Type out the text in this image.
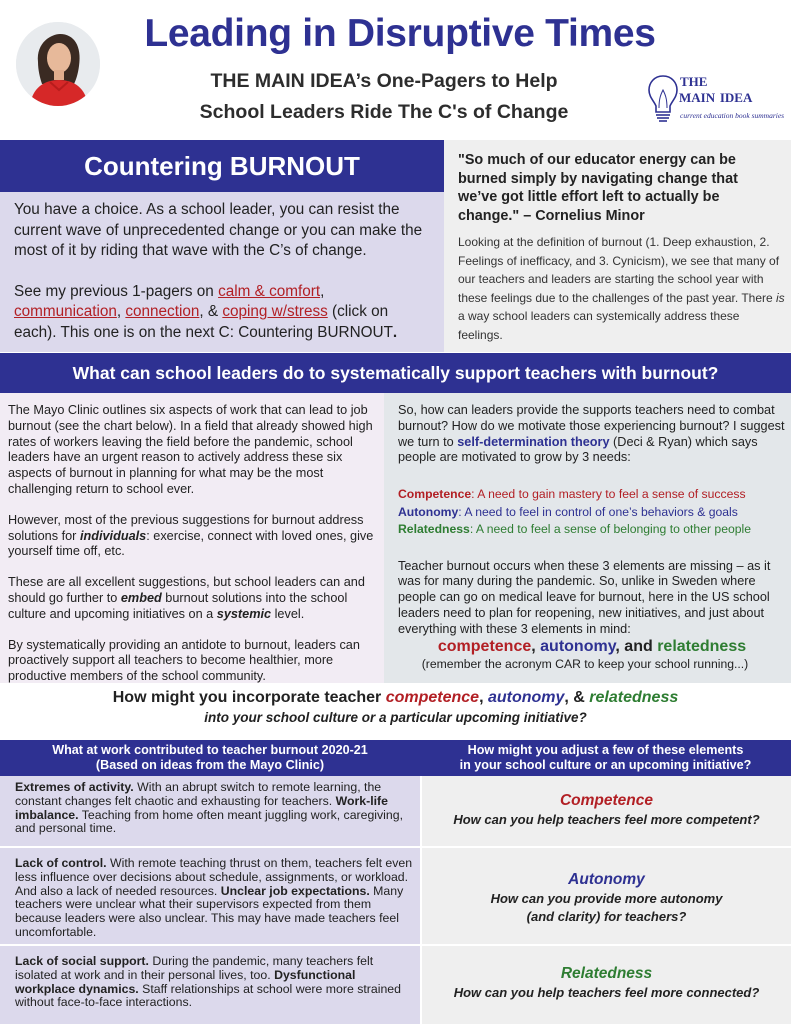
Leading in Disruptive Times
THE MAIN IDEA’s One-Pagers to Help
School Leaders Ride The C's of Change
THE
MAIN IDEA
current education book summaries
Countering BURNOUT

You have a choice. As a school leader, you can resist the current wave of unprecedented change or you can make the most of it by riding that wave with the C’s of change.

See my previous 1-pagers on calm & comfort, communication, connection, & coping w/stress (click on each). This one is on the next C: Countering BURNOUT.

"So much of our educator energy can be burned simply by navigating change that we’ve got little effort left to actually be change." – Cornelius Minor
Looking at the definition of burnout (1. Deep exhaustion, 2. Feelings of inefficacy, and 3. Cynicism), we see that many of our teachers and leaders are starting the school year with these feelings due to the challenges of the past year. There is a way school leaders can systemically address these feelings.
What can school leaders do to systematically support teachers with burnout?

The Mayo Clinic outlines six aspects of work that can lead to job burnout (see the chart below). In a field that already showed high rates of workers leaving the field before the pandemic, school leaders have an urgent reason to actively address these six aspects of burnout in planning for what may be the most challenging return to school ever.

However, most of the previous suggestions for burnout address solutions for individuals: exercise, connect with loved ones, give yourself time off, etc.

These are all excellent suggestions, but school leaders can and should go further to embed burnout solutions into the school culture and upcoming initiatives on a systemic level.

By systematically providing an antidote to burnout, leaders can proactively support all teachers to become healthier, more productive members of the school community.

So, how can leaders provide the supports teachers need to combat burnout? How do we motivate those experiencing burnout? I suggest we turn to self-determination theory (Deci & Ryan) which says people are motivated to grow by 3 needs:

Competence: A need to gain mastery to feel a sense of success
Autonomy: A need to feel in control of one’s behaviors & goals
Relatedness: A need to feel a sense of belonging to other people

Teacher burnout occurs when these 3 elements are missing – as it was for many during the pandemic. So, unlike in Sweden where people can go on medical leave for burnout, here in the US school leaders need to plan for reopening, new initiatives, and just about everything with these 3 elements in mind:

competence, autonomy, and relatedness
(remember the acronym CAR to keep your school running...)
How might you incorporate teacher competence, autonomy, & relatedness
into your school culture or a particular upcoming initiative?
What at work contributed to teacher burnout 2020-21
(Based on ideas from the Mayo Clinic)
How might you adjust a few of these elements
in your school culture or an upcoming initiative?
Extremes of activity. With an abrupt switch to remote learning, the constant changes felt chaotic and exhausting for teachers. Work-life imbalance. Teaching from home often meant juggling work, caregiving, and personal time.
Competence
How can you help teachers feel more competent?
Lack of control. With remote teaching thrust on them, teachers felt even less influence over decisions about schedule, assignments, or workload. And also a lack of needed resources. Unclear job expectations. Many teachers were unclear what their supervisors expected from them because leaders were also unclear. This may have made teachers feel uncomfortable.
Autonomy
How can you provide more autonomy
(and clarity) for teachers?
Lack of social support. During the pandemic, many teachers felt isolated at work and in their personal lives, too. Dysfunctional workplace dynamics. Staff relationships at school were more strained without face-to-face interactions.
Relatedness
How can you help teachers feel more connected?
